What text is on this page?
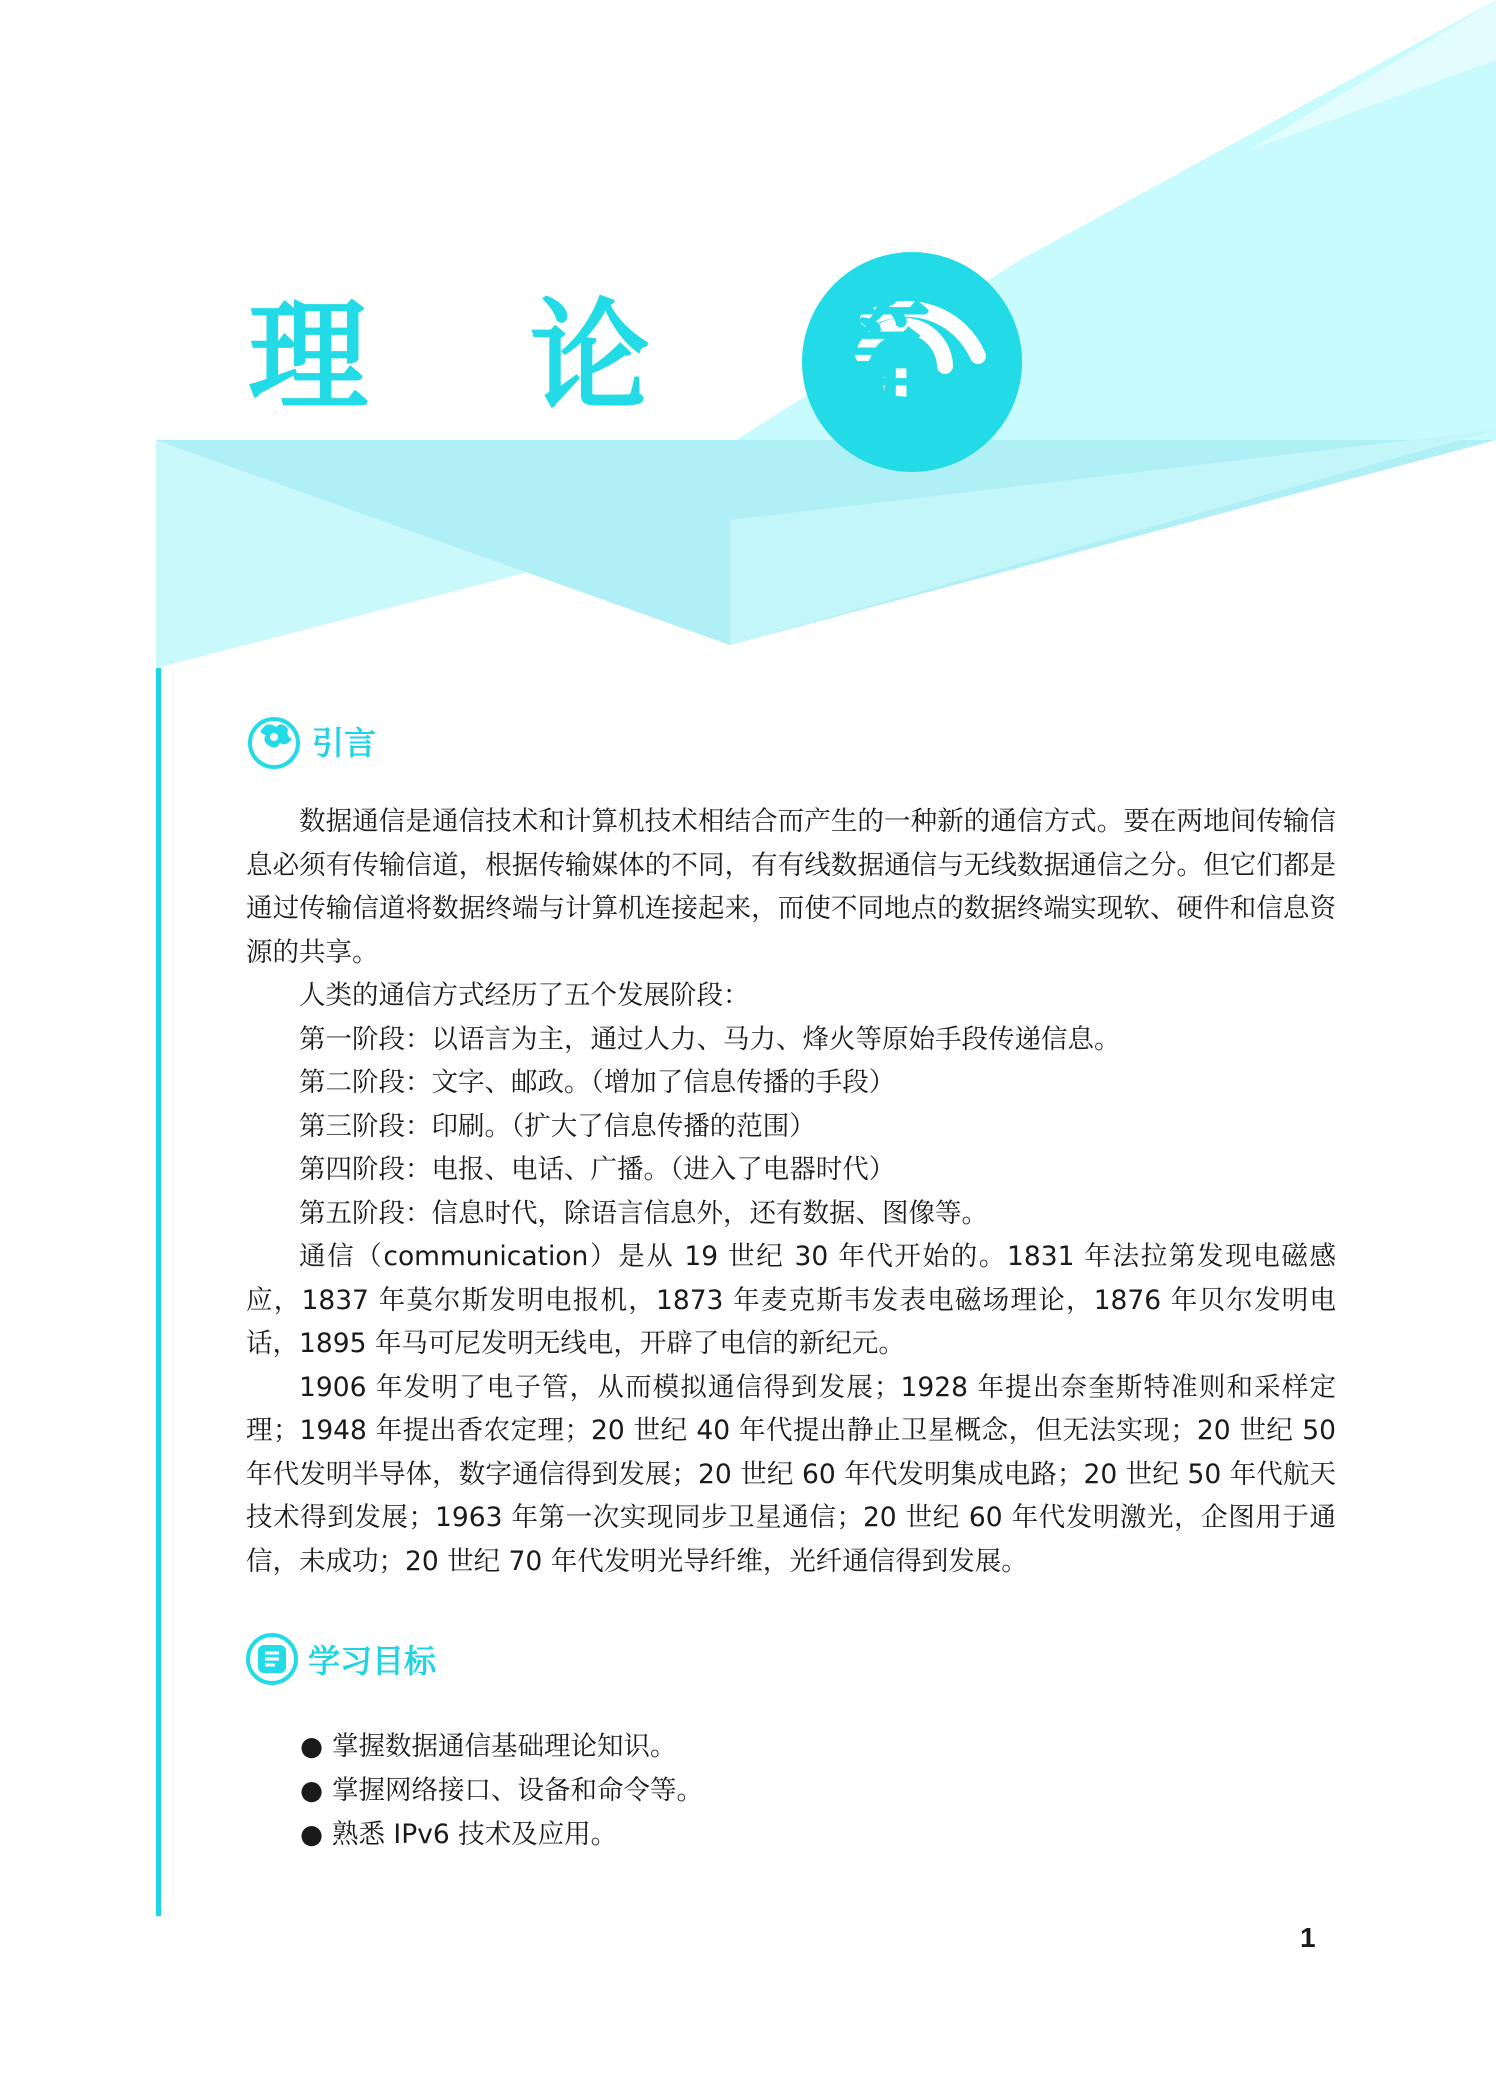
理 论 篇
引言

数据通信是通信技术和计算机技术相结合而产生的一种新的通信方式。要在两地间传输信息必须有传输信道，根据传输媒体的不同，有有线数据通信与无线数据通信之分。但它们都是通过传输信道将数据终端与计算机连接起来，而使不同地点的数据终端实现软、硬件和信息资源的共享。

人类的通信方式经历了五个发展阶段：

第一阶段：以语言为主，通过人力、马力、烽火等原始手段传递信息。

第二阶段：文字、邮政。（增加了信息传播的手段）

第三阶段：印刷。（扩大了信息传播的范围）

第四阶段：电报、电话、广播。（进入了电器时代）

第五阶段：信息时代，除语言信息外，还有数据、图像等。

通信（communication）是从 19 世纪 30 年代开始的。1831 年法拉第发现电磁感应，1837 年莫尔斯发明电报机，1873 年麦克斯韦发表电磁场理论，1876 年贝尔发明电话，1895 年马可尼发明无线电，开辟了电信的新纪元。

1906 年发明了电子管，从而模拟通信得到发展；1928 年提出奈奎斯特准则和采样定理；1948 年提出香农定理；20 世纪 40 年代提出静止卫星概念，但无法实现；20 世纪 50 年代发明半导体，数字通信得到发展；20 世纪 60 年代发明集成电路；20 世纪 50 年代航天技术得到发展；1963 年第一次实现同步卫星通信；20 世纪 60 年代发明激光，企图用于通信，未成功；20 世纪 70 年代发明光导纤维，光纤通信得到发展。

学习目标
● 掌握数据通信基础理论知识。
● 掌握网络接口、设备和命令等。
● 熟悉 IPv6 技术及应用。
1
